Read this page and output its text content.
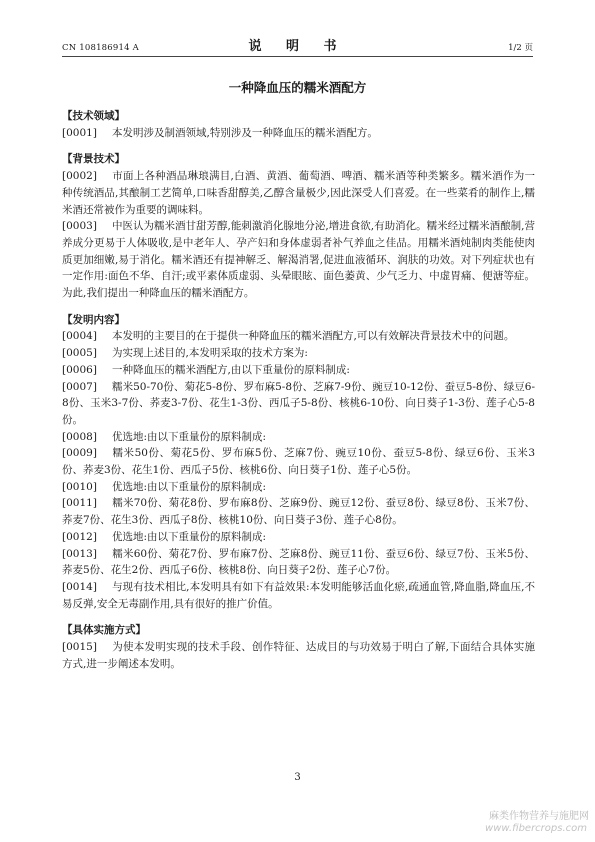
CN 108186914 A	说 明 书	1/2 页
一种降血压的糯米酒配方
【技术领域】
[0001] 本发明涉及制酒领域,特别涉及一种降血压的糯米酒配方。
【背景技术】
[0002] 市面上各种酒品琳琅满目,白酒、黄酒、葡萄酒、啤酒、糯米酒等种类繁多。糯米酒作为一种传统酒品,其酿制工艺简单,口味香甜醇美,乙醇含量极少,因此深受人们喜爱。在一些菜肴的制作上,糯米酒还常被作为重要的调味料。
[0003] 中医认为糯米酒甘甜芳醇,能刺激消化腺地分泌,增进食欲,有助消化。糯米经过糯米酒酿制,营养成分更易于人体吸收,是中老年人、孕产妇和身体虚弱者补气养血之佳品。用糯米酒炖制肉类能使肉质更加细嫩,易于消化。糯米酒还有提神解乏、解渴消署,促进血液循环、润肤的功效。对下列症状也有一定作用:面色不华、自汗;或平素体质虚弱、头晕眼眩、面色萎黄、少气乏力、中虚胃痛、便溏等症。为此,我们提出一种降血压的糯米酒配方。
【发明内容】
[0004] 本发明的主要目的在于提供一种降血压的糯米酒配方,可以有效解决背景技术中的问题。
[0005] 为实现上述目的,本发明采取的技术方案为:
[0006] 一种降血压的糯米酒配方,由以下重量份的原料制成:
[0007] 糯米50-70份、菊花5-8份、罗布麻5-8份、芝麻7-9份、豌豆10-12份、蚕豆5-8份、绿豆6-8份、玉米3-7份、荞麦3-7份、花生1-3份、西瓜子5-8份、核桃6-10份、向日葵子1-3份、莲子心5-8份。
[0008] 优选地:由以下重量份的原料制成:
[0009] 糯米50份、菊花5份、罗布麻5份、芝麻7份、豌豆10份、蚕豆5-8份、绿豆6份、玉米3份、荞麦3份、花生1份、西瓜子5份、核桃6份、向日葵子1份、莲子心5份。
[0010] 优选地:由以下重量份的原料制成:
[0011] 糯米70份、菊花8份、罗布麻8份、芝麻9份、豌豆12份、蚕豆8份、绿豆8份、玉米7份、荞麦7份、花生3份、西瓜子8份、核桃10份、向日葵子3份、莲子心8份。
[0012] 优选地:由以下重量份的原料制成:
[0013] 糯米60份、菊花7份、罗布麻7份、芝麻8份、豌豆11份、蚕豆6份、绿豆7份、玉米5份、荞麦5份、花生2份、西瓜子6份、核桃8份、向日葵子2份、莲子心7份。
[0014] 与现有技术相比,本发明具有如下有益效果:本发明能够活血化瘀,疏通血管,降血脂,降血压,不易反弹,安全无毒副作用,具有很好的推广价值。
【具体实施方式】
[0015] 为使本发明实现的技术手段、创作特征、达成目的与功效易于明白了解,下面结合具体实施方式,进一步阐述本发明。
3
麻类作物营养与施肥网
www.fibercrops.com
